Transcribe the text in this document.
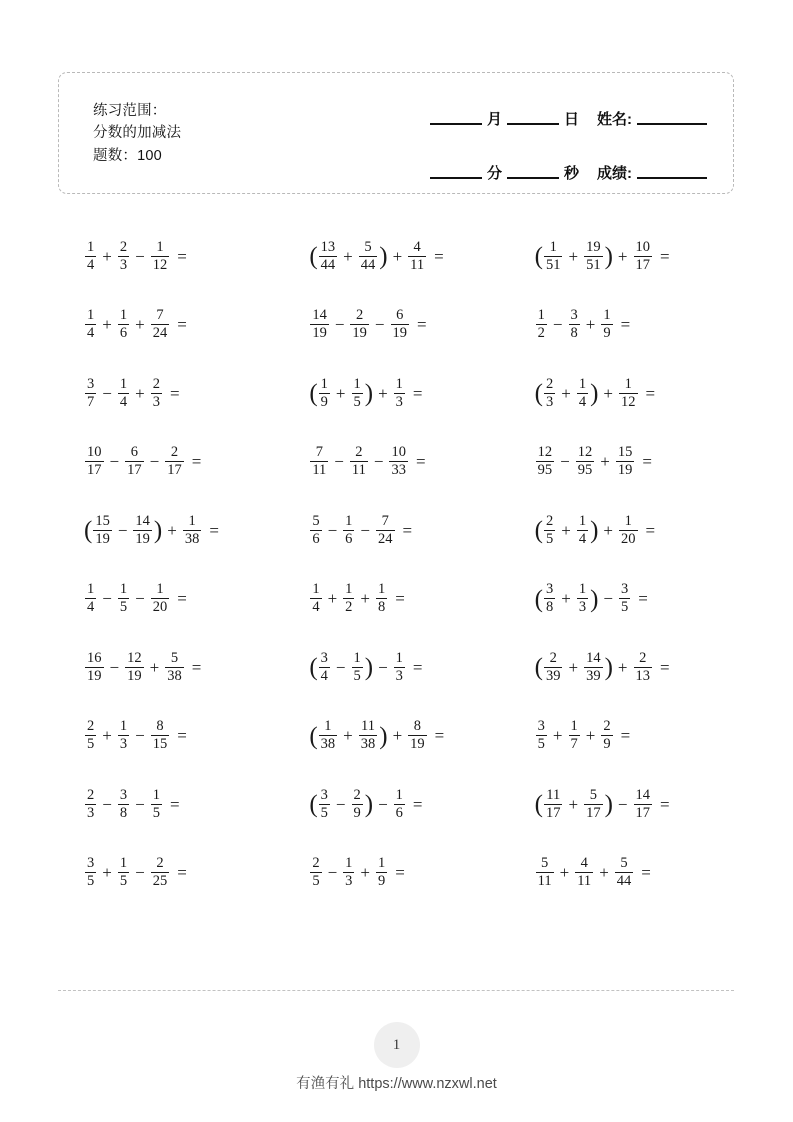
练习范围：
分数的加减法
题数：100
月	日 姓名:
分	秒 成绩:
$\frac{1}{4} + \frac{2}{3} - \frac{1}{12}$ =	( $\frac{13}{44} + \frac{5}{44}$ ) + $\frac{4}{11}$ =	( $\frac{1}{51} + \frac{19}{51}$ ) + $\frac{10}{17}$ =
$\frac{1}{4} + \frac{1}{6} + \frac{7}{24}$ =	$\frac{14}{19} - \frac{2}{19} - \frac{6}{19}$ =	$\frac{1}{2} - \frac{3}{8} + \frac{1}{9}$ =
$\frac{3}{7} - \frac{1}{4} + \frac{2}{3}$ =	( $\frac{1}{9} + \frac{1}{5}$ ) + $\frac{1}{3}$ =	( $\frac{2}{3} + \frac{1}{4}$ ) + $\frac{1}{12}$ =
$\frac{10}{17} - \frac{6}{17} - \frac{2}{17}$ =	$\frac{7}{11} - \frac{2}{11} - \frac{10}{33}$ =	$\frac{12}{95} - \frac{12}{95} + \frac{15}{19}$ =
( $\frac{15}{19} - \frac{14}{19}$ ) + $\frac{1}{38}$ =	$\frac{5}{6} - \frac{1}{6} - \frac{7}{24}$ =	( $\frac{2}{5} + \frac{1}{4}$ ) + $\frac{1}{20}$ =
$\frac{1}{4} - \frac{1}{5} - \frac{1}{20}$ =	$\frac{1}{4} + \frac{1}{2} + \frac{1}{8}$ =	( $\frac{3}{8} + \frac{1}{3}$ ) − $\frac{3}{5}$ =
$\frac{16}{19} - \frac{12}{19} + \frac{5}{38}$ =	( $\frac{3}{4} - \frac{1}{5}$ ) − $\frac{1}{3}$ =	( $\frac{2}{39} + \frac{14}{39}$ ) + $\frac{2}{13}$ =
$\frac{2}{5} + \frac{1}{3} - \frac{8}{15}$ =	( $\frac{1}{38} + \frac{11}{38}$ ) + $\frac{8}{19}$ =	$\frac{3}{5} + \frac{1}{7} + \frac{2}{9}$ =
$\frac{2}{3} - \frac{3}{8} - \frac{1}{5}$ =	( $\frac{3}{5} - \frac{2}{9}$ ) − $\frac{1}{6}$ =	( $\frac{11}{17} + \frac{5}{17}$ ) − $\frac{14}{17}$ =
$\frac{3}{5} + \frac{1}{5} - \frac{2}{25}$ =	$\frac{2}{5} - \frac{1}{3} + \frac{1}{9}$ =	$\frac{5}{11} + \frac{4}{11} + \frac{5}{44}$ =
1
有渔有礼 https://www.nzxwl.net
